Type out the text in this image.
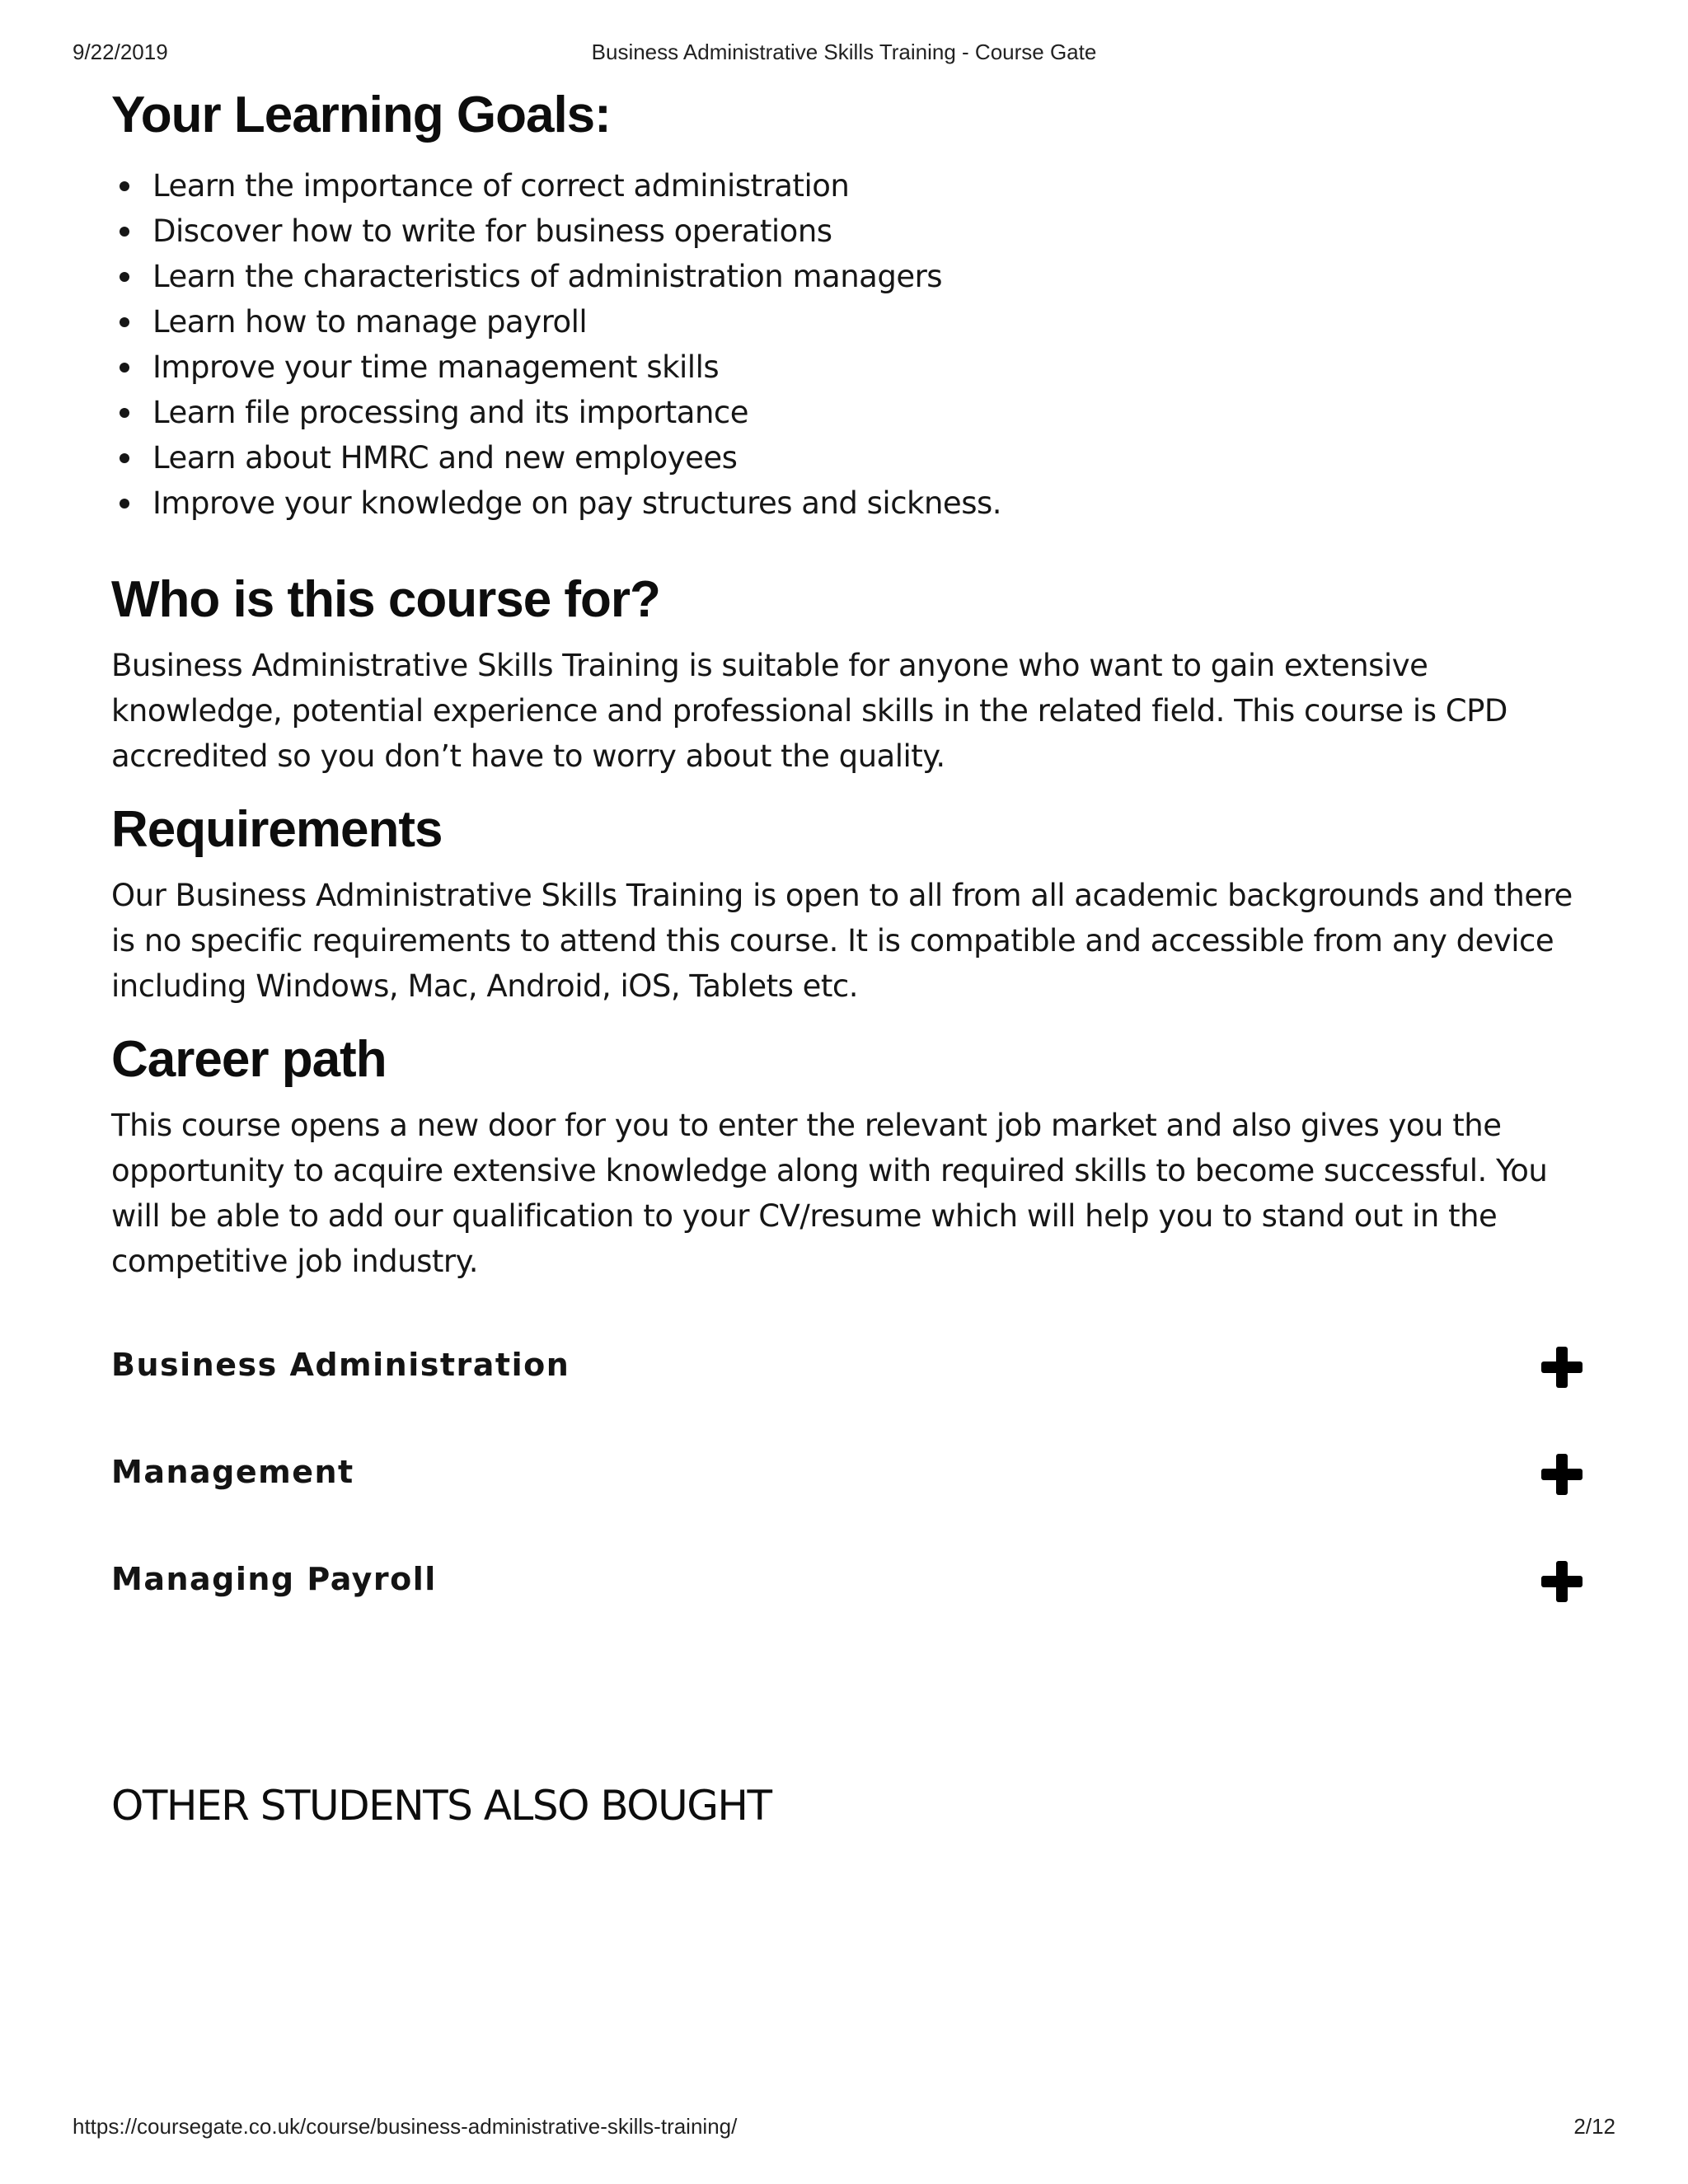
9/22/2019	Business Administrative Skills Training - Course Gate
Your Learning Goals:
Learn the importance of correct administration
Discover how to write for business operations
Learn the characteristics of administration managers
Learn how to manage payroll
Improve your time management skills
Learn file processing and its importance
Learn about HMRC and new employees
Improve your knowledge on pay structures and sickness.
Who is this course for?

Business Administrative Skills Training is suitable for anyone who want to gain extensive knowledge, potential experience and professional skills in the related field. This course is CPD accredited so you don’t have to worry about the quality.

Requirements

Our Business Administrative Skills Training is open to all from all academic backgrounds and there is no specific requirements to attend this course. It is compatible and accessible from any device including Windows, Mac, Android, iOS, Tablets etc.

Career path

This course opens a new door for you to enter the relevant job market and also gives you the opportunity to acquire extensive knowledge along with required skills to become successful. You will be able to add our qualification to your CV/resume which will help you to stand out in the competitive job industry.

Business Administration
Management
Managing Payroll
OTHER STUDENTS ALSO BOUGHT
https://coursegate.co.uk/course/business-administrative-skills-training/	2/12
